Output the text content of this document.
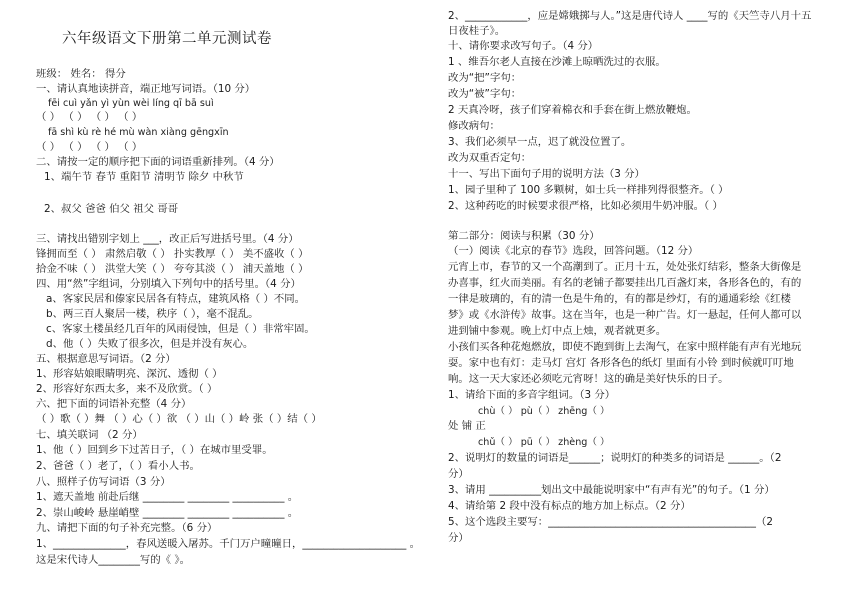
六年级语文下册第二单元测试卷
班级： 姓名： 得分
一、请认真地读拼音，端正地写词语。（10 分）
fēi cuì yǎn yì yùn wèi líng qī bā suì
（ ） （ ） （ ） （ ）
fā shì kù rè hé mù wàn xiàng gēngxīn
（ ） （ ） （ ） （ ）
二、请按一定的顺序把下面的词语重新排列。（4 分）
1、端午节 春节 重阳节 清明节 除夕 中秋节
2、叔父 爸爸 伯父 祖父 哥哥
三、请找出错别字划上 ___，改正后写进括号里。（4 分）
锋拥而至（ ） 肃然启敬（ ） 扑实教厚（ ） 美不盛收（ ）
拾金不味（ ） 洪堂大笑（ ） 夸夸其淡（ ） 浦天盖地（ ）
四、用“然”字组词，分别填入下列句中的括号里。（4 分）
a、客家民居和傣家民居各有特点，建筑风格（ ）不同。
b、两三百人聚居一楼，秩序（ ），毫不混乱。
c、客家土楼虽经几百年的风雨侵蚀，但是（ ）非常牢固。
d、他（ ）失败了很多次，但是并没有灰心。
五、根据意思写词语。（2 分）
1、形容姑娘眼睛明亮、深沉、透彻（ ）
2、形容好东西太多，来不及欣赏。（ ）
六、把下面的词语补充整（4 分）
（ ）歌（ ）舞 （ ）心（ ）欲 （ ）山（ ）岭 张（ ）结（ ）
七、填关联词 （2 分）
1、他（ ）回到乡下过苦日子，（ ）在城市里受罪。
2、爸爸（ ）老了，（ ）看小人书。
八、照样子仿写词语（3 分）
1、遮天盖地 前赴后继 ________ ________ __________ 。
2、崇山峻岭 悬崖峭壁 ________ ________ __________ 。
九、请把下面的句子补充完整。（6 分）
1、______________，春风送暖入屠苏。千门万户曈曈日，____________________ 。
这是宋代诗人________写的《 》。
2、____________，应是嫦娥掷与人。”这是唐代诗人 ____写的《天竺寺八月十五
日夜桂子》。
十、请你要求改写句子。（4 分）
1 、维吾尔老人直接在沙滩上晾晒洗过的衣服。
改为“把”字句：
改为“被”字句：
2 天真冷呀，孩子们穿着棉衣和手套在街上燃放鞭炮。
修改病句：
3、我们必须早一点，迟了就没位置了。
改为双重否定句：
十一、写出下面句子用的说明方法（3 分）
1、园子里种了 100 多颗树，如士兵一样排列得很整齐。（ ）
2、这种药吃的时候要求很严格，比如必须用牛奶冲服。（ ）
第二部分：阅读与积累（30 分）
（一）阅读《北京的春节》选段，回答问题。（12 分）
元宵上市，春节的又一个高潮到了。正月十五，处处张灯结彩，整条大街像是
办喜事，红火而美丽。有名的老铺子都要挂出几百盏灯来，各形各色的，有的
一律是玻璃的，有的清一色是牛角的，有的都是纱灯，有的通通彩绘《红楼
梦》或《水浒传》故事。这在当年，也是一种广告。灯一悬起，任何人都可以
进到铺中参观。晚上灯中点上烛，观者就更多。
小孩们买各种花炮燃放，即使不跑到街上去淘气，在家中照样能有声有光地玩
耍。家中也有灯：走马灯 宫灯 各形各色的纸灯 里面有小铃 到时候就叮叮地
响。这一天大家还必须吃元宵呀！这的确是美好快乐的日子。
1、请给下面的多音字组词。（3 分）
chù（ ） pù（ ） zhēng（ ）
处 铺 正
chǔ（ ） pū（ ） zhèng（ ）
2、说明灯的数量的词语是______；说明灯的种类多的词语是 ______。（2
分）
3、请用 __________划出文中最能说明家中“有声有光”的句子。（1 分）
4、请给第 2 段中没有标点的地方加上标点。（2 分）
5、这个选段主要写：________________________________________（2
分）
